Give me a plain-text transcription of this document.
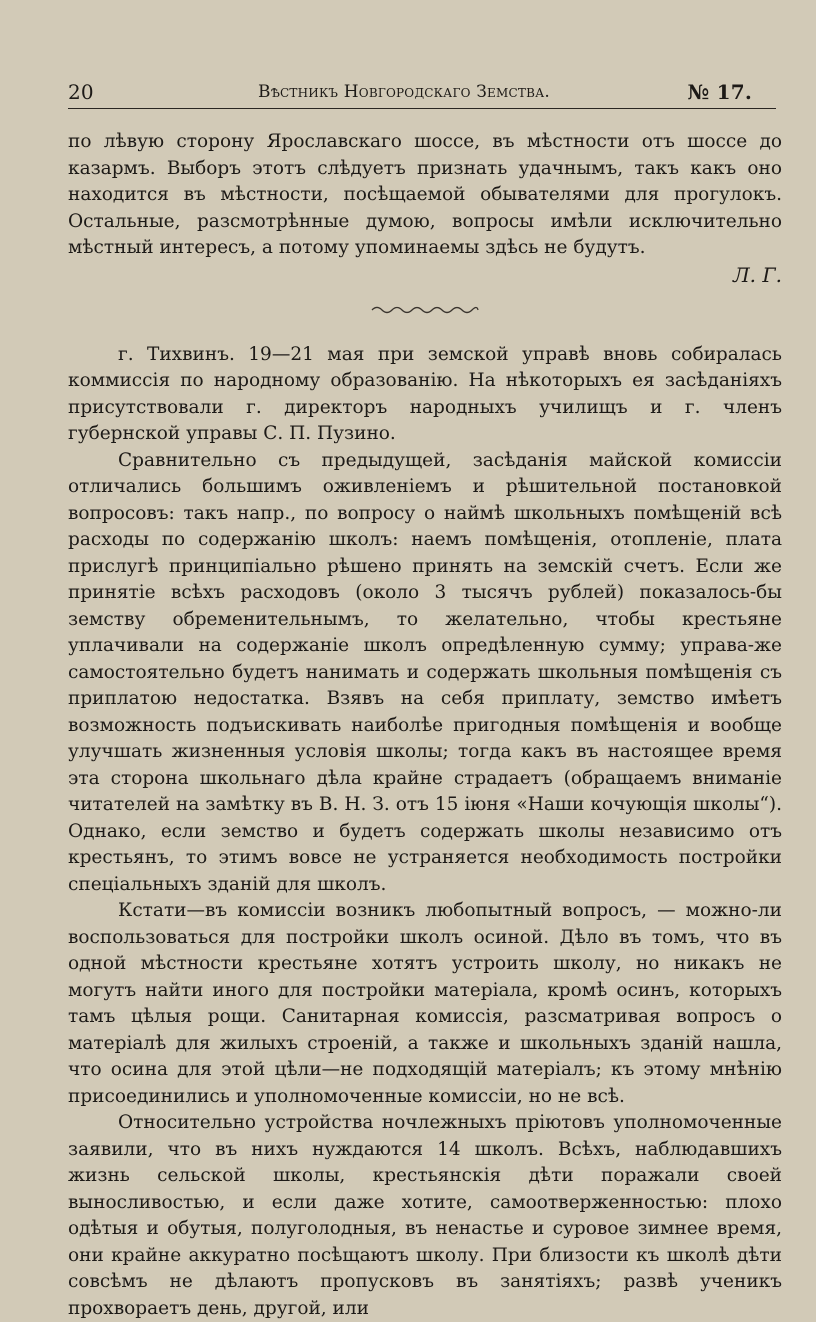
20	Вѣстникъ Новгородскаго Земства.	№ 17.

по лѣвую сторону Ярославскаго шоссе, въ мѣстности отъ шоссе до казармъ. Выборъ этотъ слѣдуетъ признать удачнымъ, такъ какъ оно находится въ мѣстности, посѣщаемой обывателями для прогулокъ. Остальные, разсмотрѣнные думою, вопросы имѣли исключительно мѣстный интересъ, а потому упоминаемы здѣсь не будутъ.

Л. Г.

г. Тихвинъ. 19—21 мая при земской управѣ вновь собиралась коммиссія по народному образованію. На нѣкоторыхъ ея засѣданіяхъ присутствовали г. директоръ народныхъ училищъ и г. членъ губернской управы С. П. Пузино.

Сравнительно съ предыдущей, засѣданія майской комиссіи отличались большимъ оживленіемъ и рѣшительной постановкой вопросовъ: такъ напр., по вопросу о наймѣ школьныхъ помѣщеній всѣ расходы по содержанію школъ: наемъ помѣщенія, отопленіе, плата прислугѣ принципіально рѣшено принять на земскій счетъ. Если же принятіе всѣхъ расходовъ (около 3 тысячъ рублей) показалось-бы земству обременительнымъ, то желательно, чтобы крестьяне уплачивали на содержаніе школъ опредѣленную сумму; управа-же самостоятельно будетъ нанимать и содержать школьныя помѣщенія съ приплатою недостатка. Взявъ на себя приплату, земство имѣетъ возможность подъискивать наиболѣе пригодныя помѣщенія и вообще улучшать жизненныя условія школы; тогда какъ въ настоящее время эта сторона школьнаго дѣла крайне страдаетъ (обращаемъ вниманіе читателей на замѣтку въ В. Н. З. отъ 15 іюня «Наши кочующія школы“). Однако, если земство и будетъ содержать школы независимо отъ крестьянъ, то этимъ вовсе не устраняется необходимость постройки спеціальныхъ зданій для школъ.

Кстати—въ комиссіи возникъ любопытный вопросъ, — можно-ли воспользоваться для постройки школъ осиной. Дѣло въ томъ, что въ одной мѣстности крестьяне хотятъ устроить школу, но никакъ не могутъ найти иного для постройки матеріала, кромѣ осинъ, которыхъ тамъ цѣлыя рощи. Санитарная комиссія, разсматривая вопросъ о матеріалѣ для жилыхъ строеній, а также и школьныхъ зданій нашла, что осина для этой цѣли—не подходящій матеріалъ; къ этому мнѣнію присоединились и уполномоченные комиссіи, но не всѣ.

Относительно устройства ночлежныхъ пріютовъ уполномоченные заявили, что въ нихъ нуждаются 14 школъ. Всѣхъ, наблюдавшихъ жизнь сельской школы, крестьянскія дѣти поражали своей выносливостью, и если даже хотите, самоотверженностью: плохо одѣтыя и обутыя, полуголодныя, въ ненастье и суровое зимнее время, они крайне аккуратно посѣщаютъ школу. При близости къ школѣ дѣти совсѣмъ не дѣлаютъ пропусковъ въ занятіяхъ; развѣ ученикъ прохвораетъ день, другой, или
